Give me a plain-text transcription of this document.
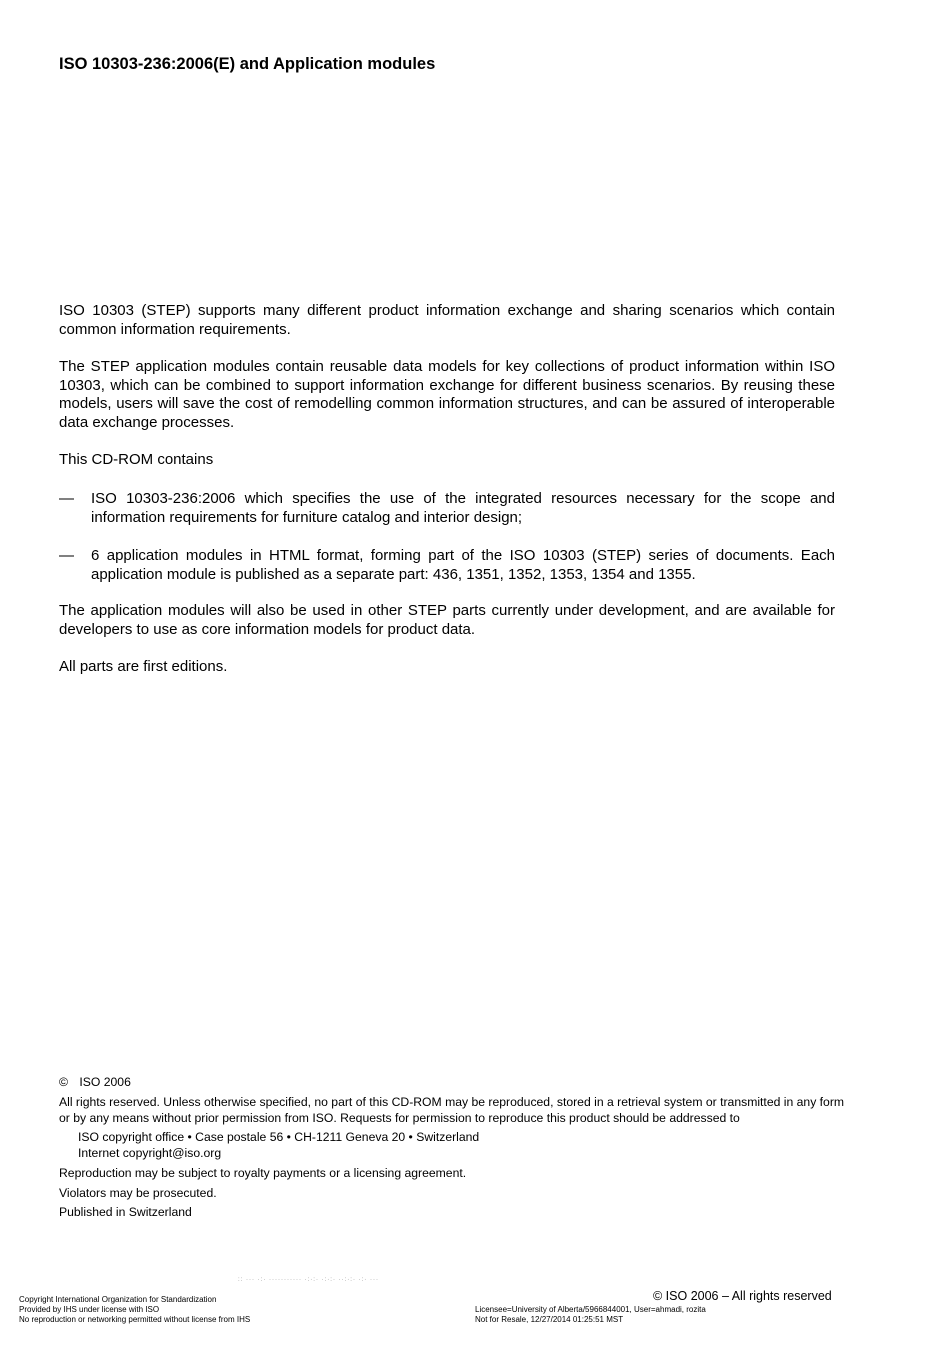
ISO 10303-236:2006(E) and Application modules

ISO 10303 (STEP) supports many different product information exchange and sharing scenarios which contain common information requirements.

The STEP application modules contain reusable data models for key collections of product information within ISO 10303, which can be combined to support information exchange for different business scenarios. By reusing these models, users will save the cost of remodelling common information structures, and can be assured of interoperable data exchange processes.

This CD-ROM contains

— ISO 10303-236:2006 which specifies the use of the integrated resources necessary for the scope and information requirements for furniture catalog and interior design;
— 6 application modules in HTML format, forming part of the ISO 10303 (STEP) series of documents. Each application module is published as a separate part: 436, 1351, 1352, 1353, 1354 and 1355.

The application modules will also be used in other STEP parts currently under development, and are available for developers to use as core information models for product data.

All parts are first editions.

© ISO 2006

All rights reserved. Unless otherwise specified, no part of this CD-ROM may be reproduced, stored in a retrieval system or transmitted in any form or by any means without prior permission from ISO. Requests for permission to reproduce this product should be addressed to

ISO copyright office • Case postale 56 • CH-1211 Geneva 20 • Switzerland

Internet copyright@iso.org

Reproduction may be subject to royalty payments or a licensing agreement.

Violators may be prosecuted.

Published in Switzerland

:: ··· ·:· ··········· ·:·:· ·:·:· ··:·:· ·:· ···
© ISO 2006 – All rights reserved
Copyright International Organization for Standardization
Provided by IHS under license with ISO
No reproduction or networking permitted without license from IHS
Licensee=University of Alberta/5966844001, User=ahmadi, rozita
Not for Resale, 12/27/2014 01:25:51 MST
